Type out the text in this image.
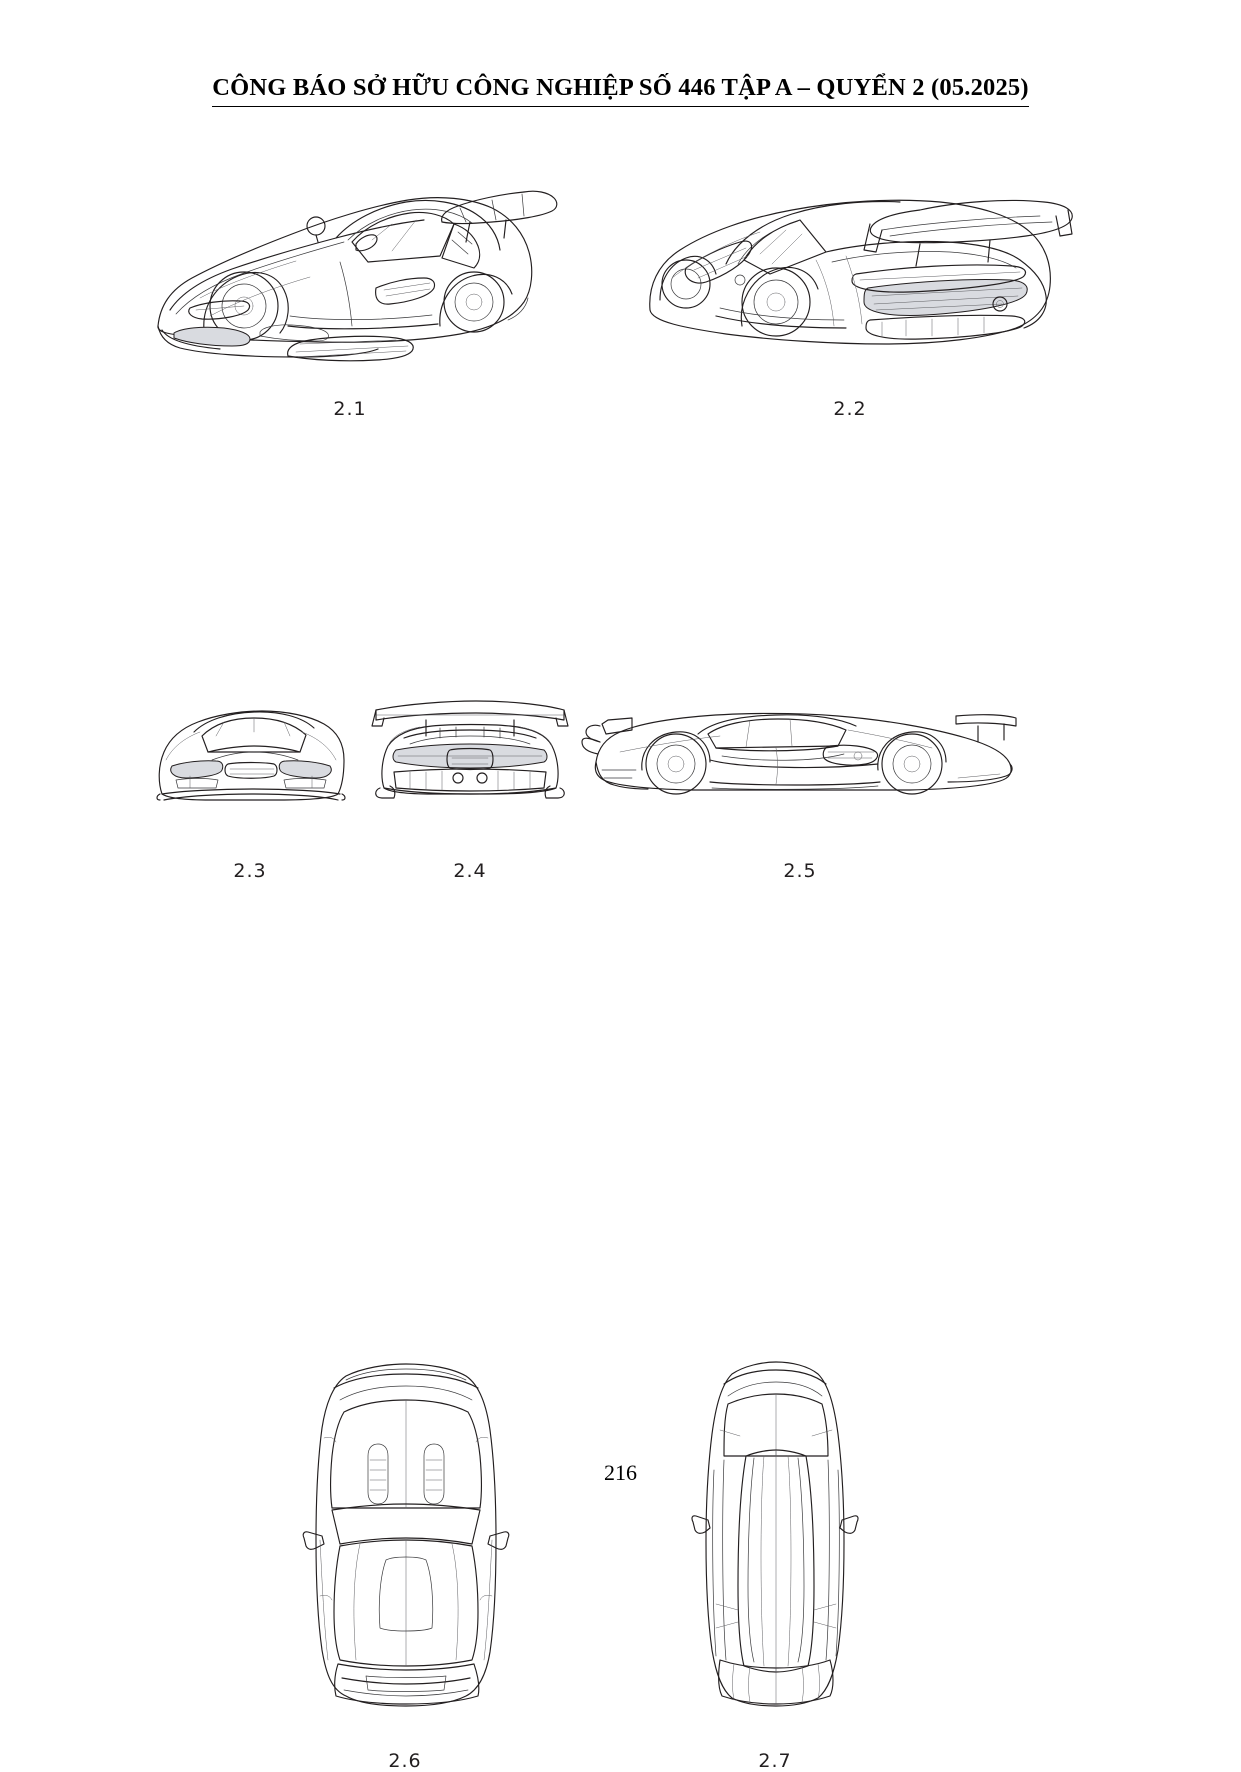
CÔNG BÁO SỞ HỮU CÔNG NGHIỆP SỐ 446 TẬP A – QUYỂN 2 (05.2025)
2.1	2.2
2.3	2.4	2.5
2.6	2.7
216
